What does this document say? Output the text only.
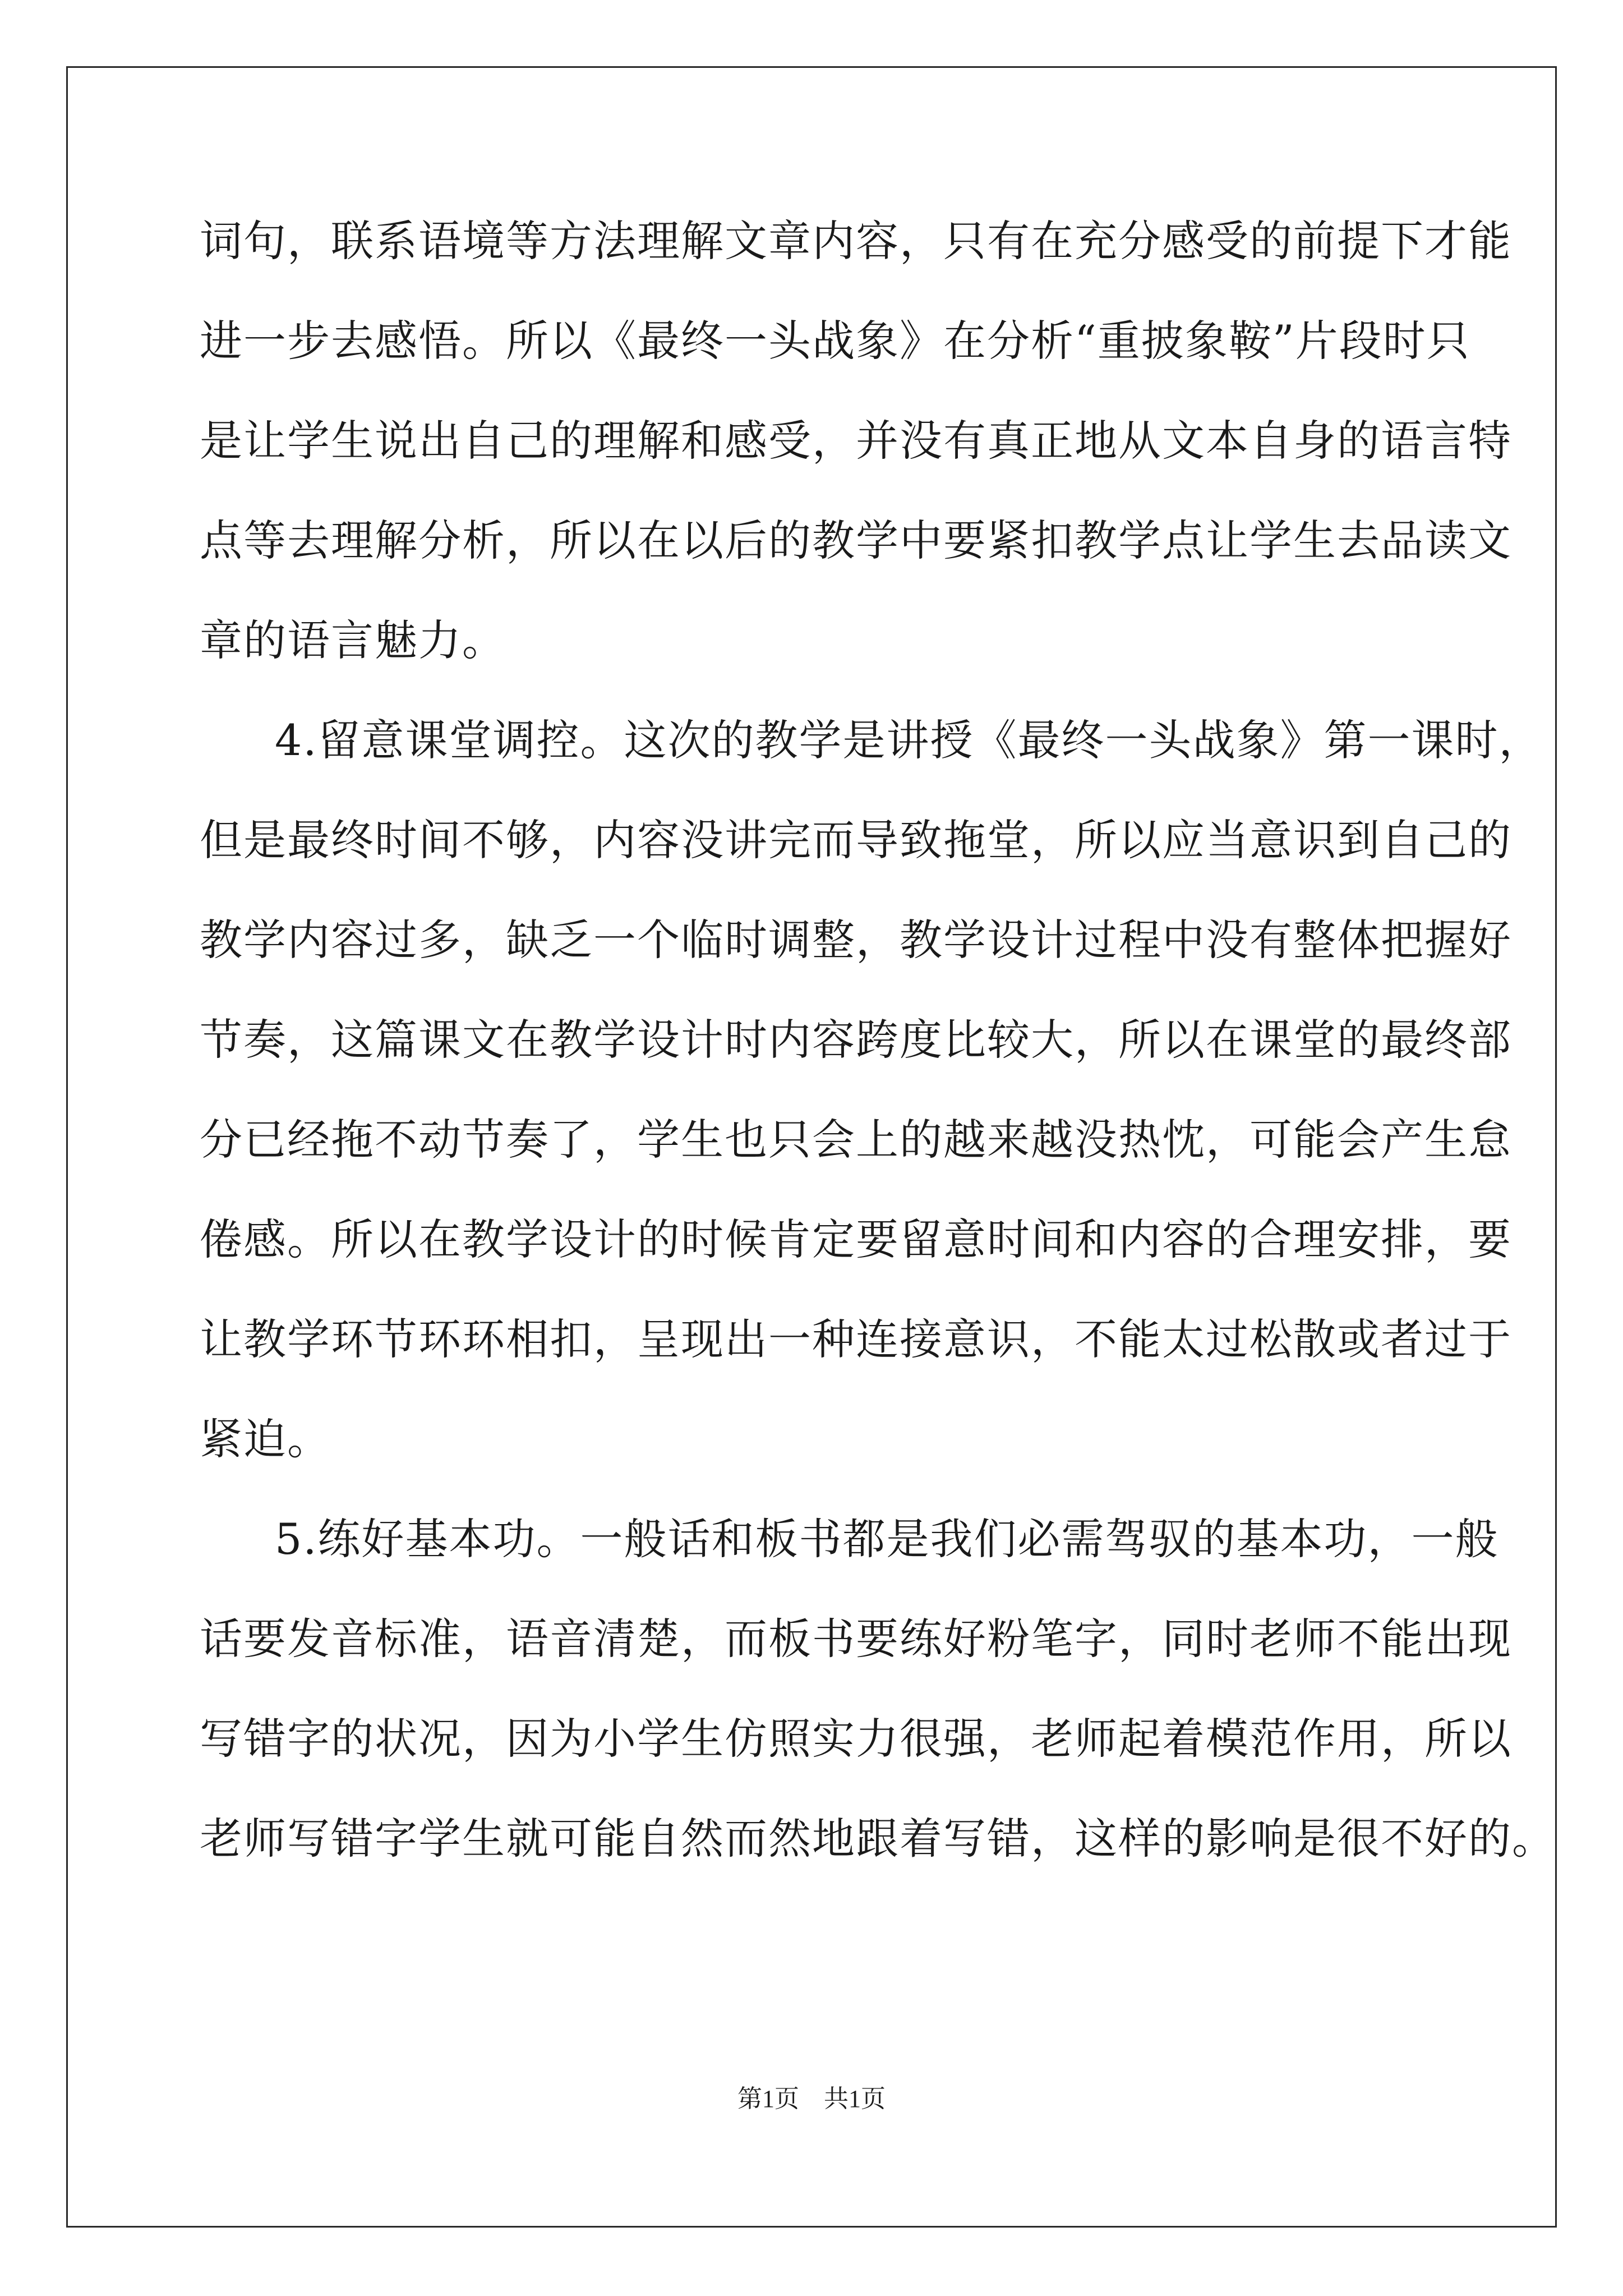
词句，联系语境等方法理解文章内容，只有在充分感受的前提下才能
进一步去感悟。所以《最终一头战象》在分析“重披象鞍”片段时只
是让学生说出自己的理解和感受，并没有真正地从文本自身的语言特
点等去理解分析，所以在以后的教学中要紧扣教学点让学生去品读文
章的语言魅力。
4.留意课堂调控。这次的教学是讲授《最终一头战象》第一课时，
但是最终时间不够，内容没讲完而导致拖堂，所以应当意识到自己的
教学内容过多，缺乏一个临时调整，教学设计过程中没有整体把握好
节奏，这篇课文在教学设计时内容跨度比较大，所以在课堂的最终部
分已经拖不动节奏了，学生也只会上的越来越没热忱，可能会产生怠
倦感。所以在教学设计的时候肯定要留意时间和内容的合理安排，要
让教学环节环环相扣，呈现出一种连接意识，不能太过松散或者过于
紧迫。
5.练好基本功。一般话和板书都是我们必需驾驭的基本功，一般
话要发音标准，语音清楚，而板书要练好粉笔字，同时老师不能出现
写错字的状况，因为小学生仿照实力很强，老师起着模范作用，所以
老师写错字学生就可能自然而然地跟着写错，这样的影响是很不好的。
第1页 共1页
